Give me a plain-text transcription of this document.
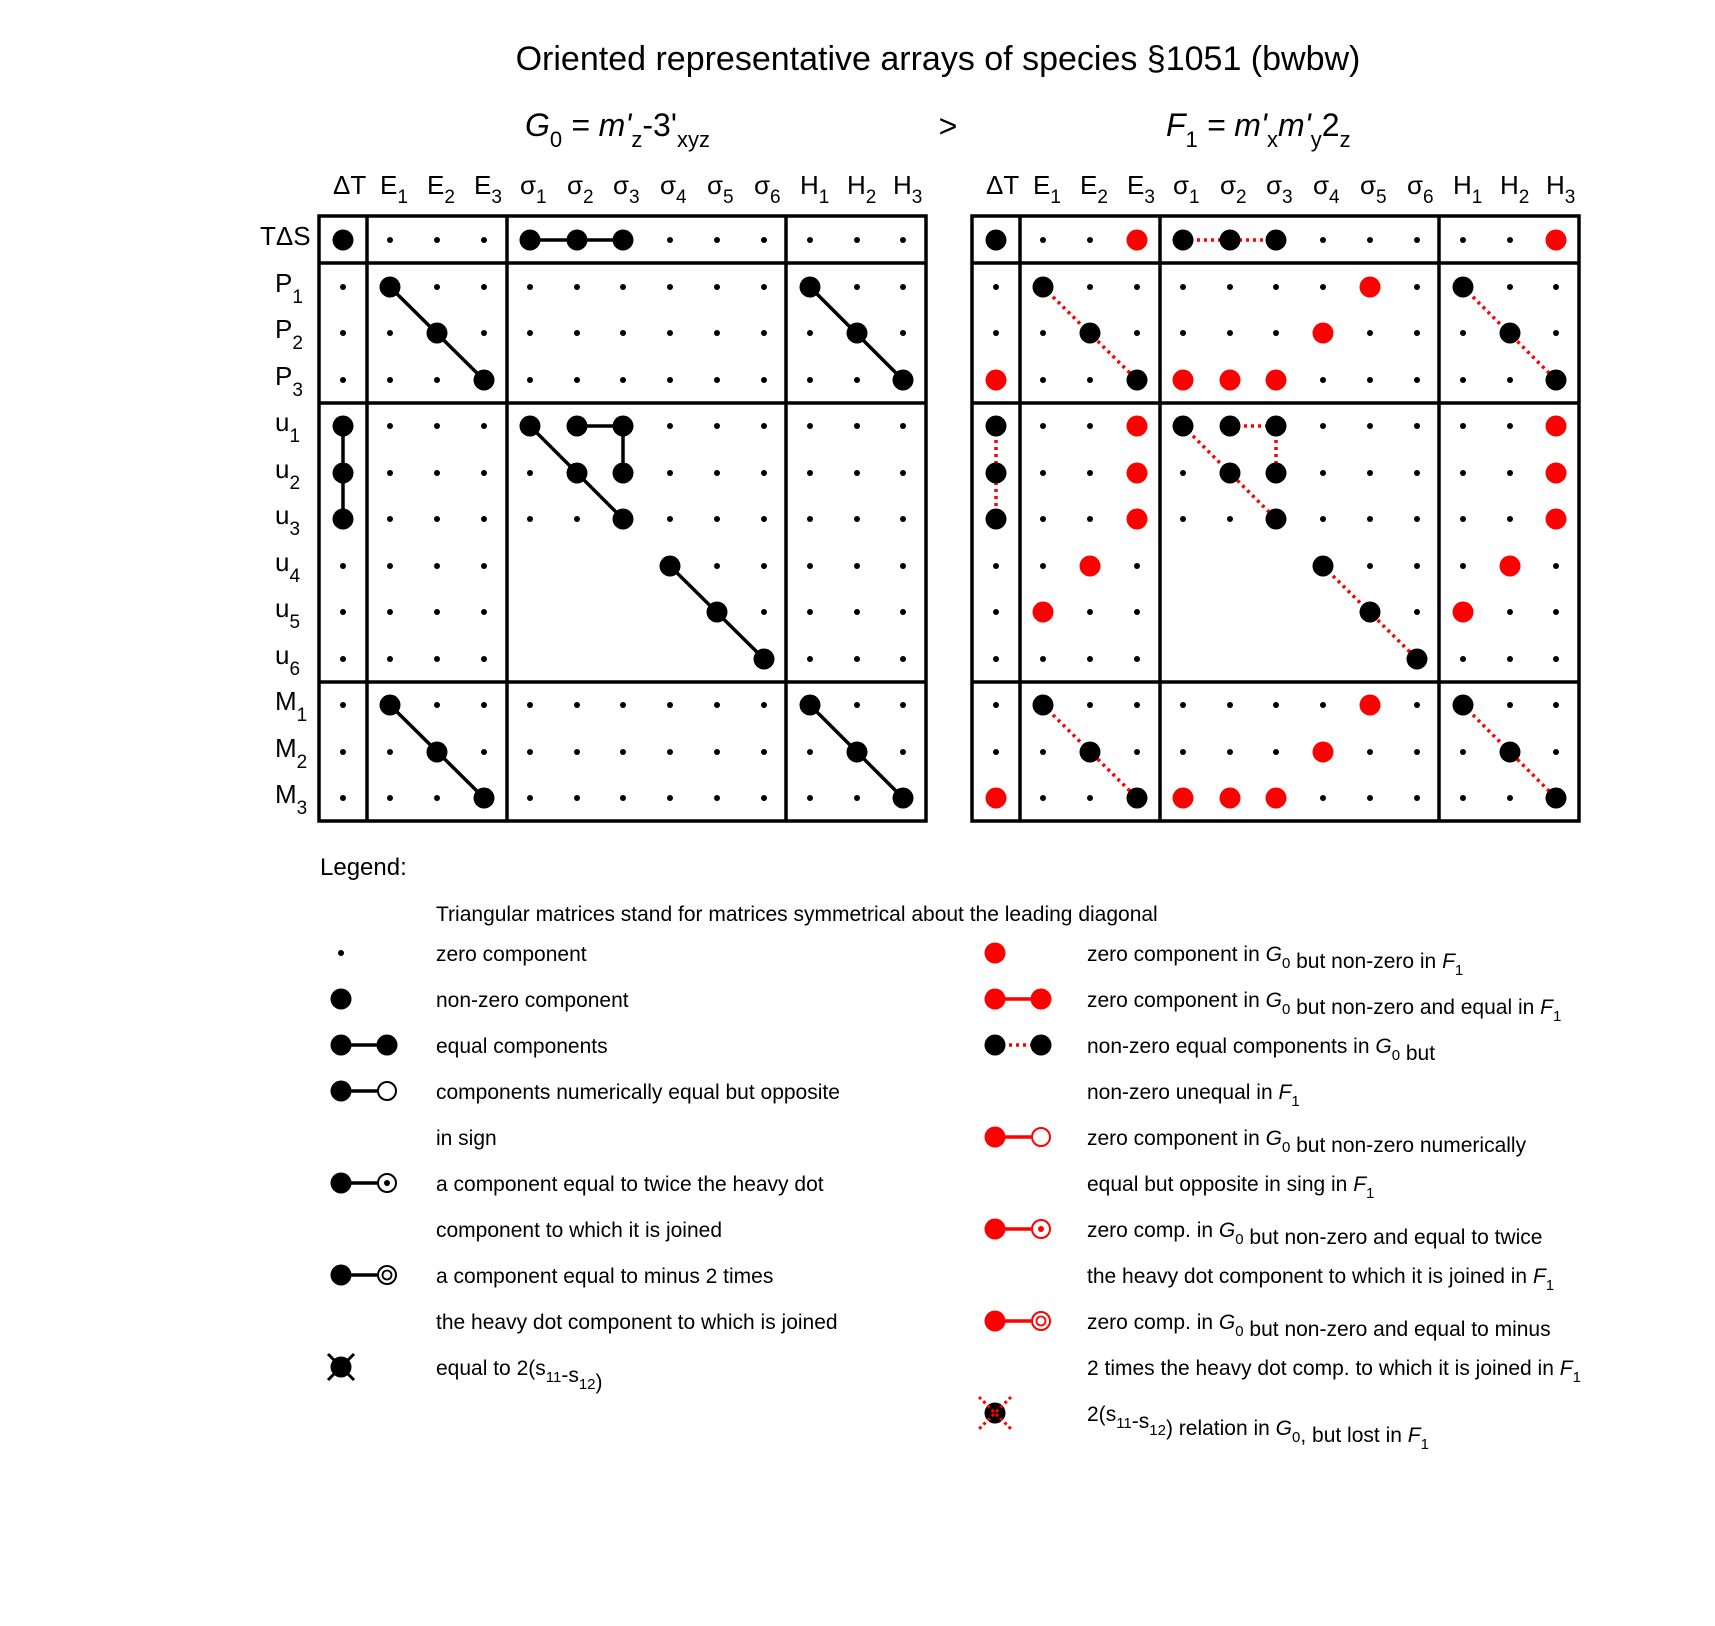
Oriented representative arrays of species §1051 (bwbw)
$G_0 = m'_z-3'_{xyz}$	>	$F_1 = m'_xm'_y2_z$
ΔT $E_1$ $E_2$ $E_3$ $\sigma_1$ $\sigma_2$ $\sigma_3$ $\sigma_4$ $\sigma_5$ $\sigma_6$ $H_1$ $H_2$ $H_3$ ΔT $E_1$ $E_2$ $E_3$ $\sigma_1$ $\sigma_2$ $\sigma_3$ $\sigma_4$ $\sigma_5$ $\sigma_6$ $H_1$ $H_2$ $H_3$
TΔS
$P_1$
$P_2$
$P_3$
$u_1$
$u_2$
$u_3$
$u_4$
$u_5$
$u_6$
$M_1$
$M_2$
$M_3$
Legend:
Triangular matrices stand for matrices symmetrical about the leading diagonal
zero component
non-zero component
equal components
components numerically equal but opposite
in sign
a component equal to twice the heavy dot
component to which it is joined
a component equal to minus 2 times
the heavy dot component to which is joined
equal to $2(s_{11}-s_{12})$
zero component in $G_0$ but non-zero in $F_1$
zero component in $G_0$ but non-zero and equal in $F_1$
non-zero equal components in $G_0$ but
non-zero unequal in $F_1$
zero component in $G_0$ but non-zero numerically
equal but opposite in sing in $F_1$
zero comp. in $G_0$ but non-zero and equal to twice
the heavy dot component to which it is joined in $F_1$
zero comp. in $G_0$ but non-zero and equal to minus
2 times the heavy dot comp. to which it is joined in $F_1$
$2(s_{11}-s_{12})$ relation in $G_0$, but lost in $F_1$
